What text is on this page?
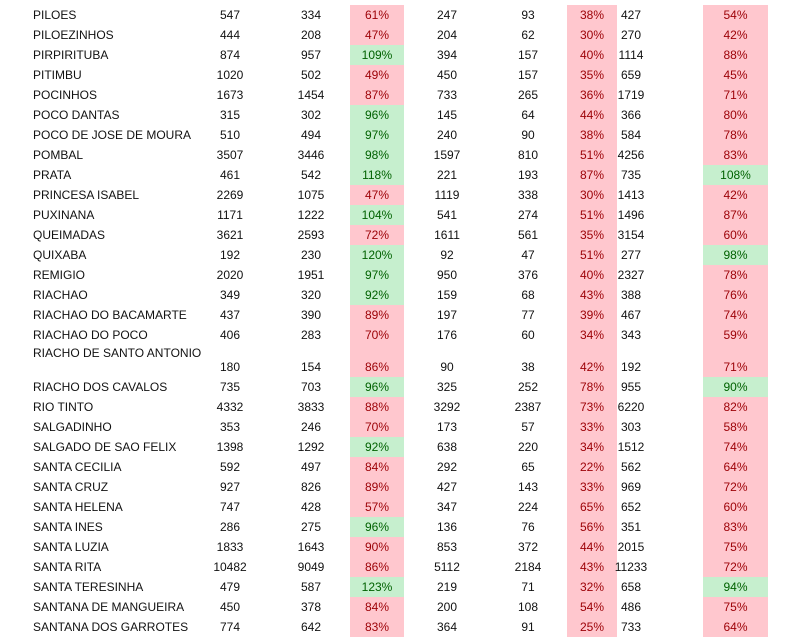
PILOES	547	334	61%	247	93	38%	427	54%
PILOEZINHOS	444	208	47%	204	62	30%	270	42%
PIRPIRITUBA	874	957	109%	394	157	40%	1114	88%
PITIMBU	1020	502	49%	450	157	35%	659	45%
POCINHOS	1673	1454	87%	733	265	36%	1719	71%
POCO DANTAS	315	302	96%	145	64	44%	366	80%
POCO DE JOSE DE MOURA	510	494	97%	240	90	38%	584	78%
POMBAL	3507	3446	98%	1597	810	51%	4256	83%
PRATA	461	542	118%	221	193	87%	735	108%
PRINCESA ISABEL	2269	1075	47%	1119	338	30%	1413	42%
PUXINANA	1171	1222	104%	541	274	51%	1496	87%
QUEIMADAS	3621	2593	72%	1611	561	35%	3154	60%
QUIXABA	192	230	120%	92	47	51%	277	98%
REMIGIO	2020	1951	97%	950	376	40%	2327	78%
RIACHAO	349	320	92%	159	68	43%	388	76%
RIACHAO DO BACAMARTE	437	390	89%	197	77	39%	467	74%
RIACHAO DO POCO	406	283	70%	176	60	34%	343	59%
RIACHO DE SANTO ANTONIO
180	154	86%	90	38	42%	192	71%
RIACHO DOS CAVALOS	735	703	96%	325	252	78%	955	90%
RIO TINTO	4332	3833	88%	3292	2387	73%	6220	82%
SALGADINHO	353	246	70%	173	57	33%	303	58%
SALGADO DE SAO FELIX	1398	1292	92%	638	220	34%	1512	74%
SANTA CECILIA	592	497	84%	292	65	22%	562	64%
SANTA CRUZ	927	826	89%	427	143	33%	969	72%
SANTA HELENA	747	428	57%	347	224	65%	652	60%
SANTA INES	286	275	96%	136	76	56%	351	83%
SANTA LUZIA	1833	1643	90%	853	372	44%	2015	75%
SANTA RITA	10482	9049	86%	5112	2184	43% 11233	72%
SANTA TERESINHA	479	587	123%	219	71	32%	658	94%
SANTANA DE MANGUEIRA	450	378	84%	200	108	54%	486	75%
SANTANA DOS GARROTES	774	642	83%	364	91	25%	733	64%
